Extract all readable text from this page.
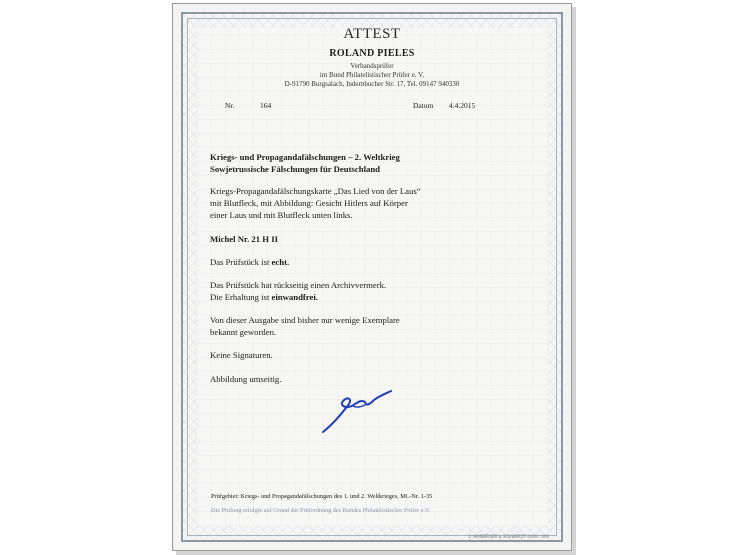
ATTEST
ROLAND PIELES
Verbandsprüfer
im Bund Philatelistischer Prüfer e. V.
D-91790 Burgsalach, Indernbucher Str. 17, Tel. 09147 940330
Nr.	164	Datum 4.4.2015
Kriegs- und Propagandafälschungen – 2. Weltkrieg
Sowjetrussische Fälschungen für Deutschland
Kriegs-Propagandafälschungskarte „Das Lied von der Laus“
mit Blutfleck, mit Abbildung: Gesicht Hitlers auf Körper
einer Laus und mit Blutfleck unten links.
Michel Nr. 21 H II
Das Prüfstück ist echt.
Das Prüfstück hat rückseitig einen Archivvermerk.
Die Erhaltung ist einwandfrei.
Von dieser Ausgabe sind bisher nur wenige Exemplare
bekannt geworden.
Keine Signaturen.
Abbildung umseitig.
Prüfgebiet: Kriegs- und Propagandafälschungen des 1. und 2. Weltkrieges, Mi.-Nr. 1-35
Die Prüfung erfolgte auf Grund der Prüfordnung des Bundes Philatelistischer Prüfer e.V.
© HIMBERGER & SCHWERDT 0000 / 000
